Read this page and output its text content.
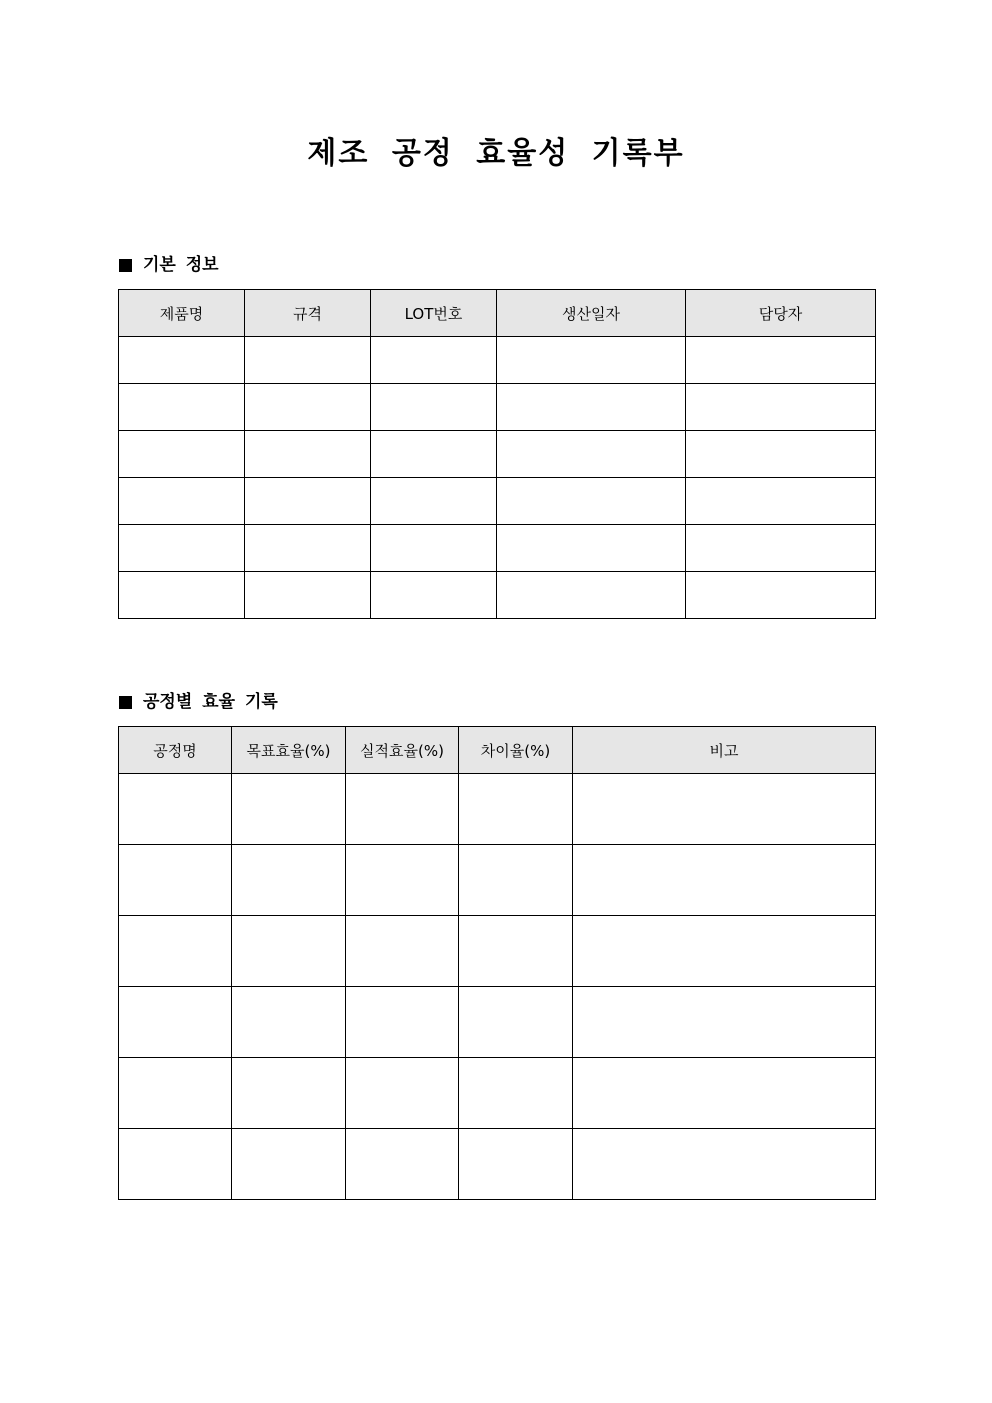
제조 공정 효율성 기록부
기본 정보
제품명	규격	LOT번호	생산일자	담당자

공정별 효율 기록
공정명	목표효율(%)	실적효율(%)	차이율(%)	비고
